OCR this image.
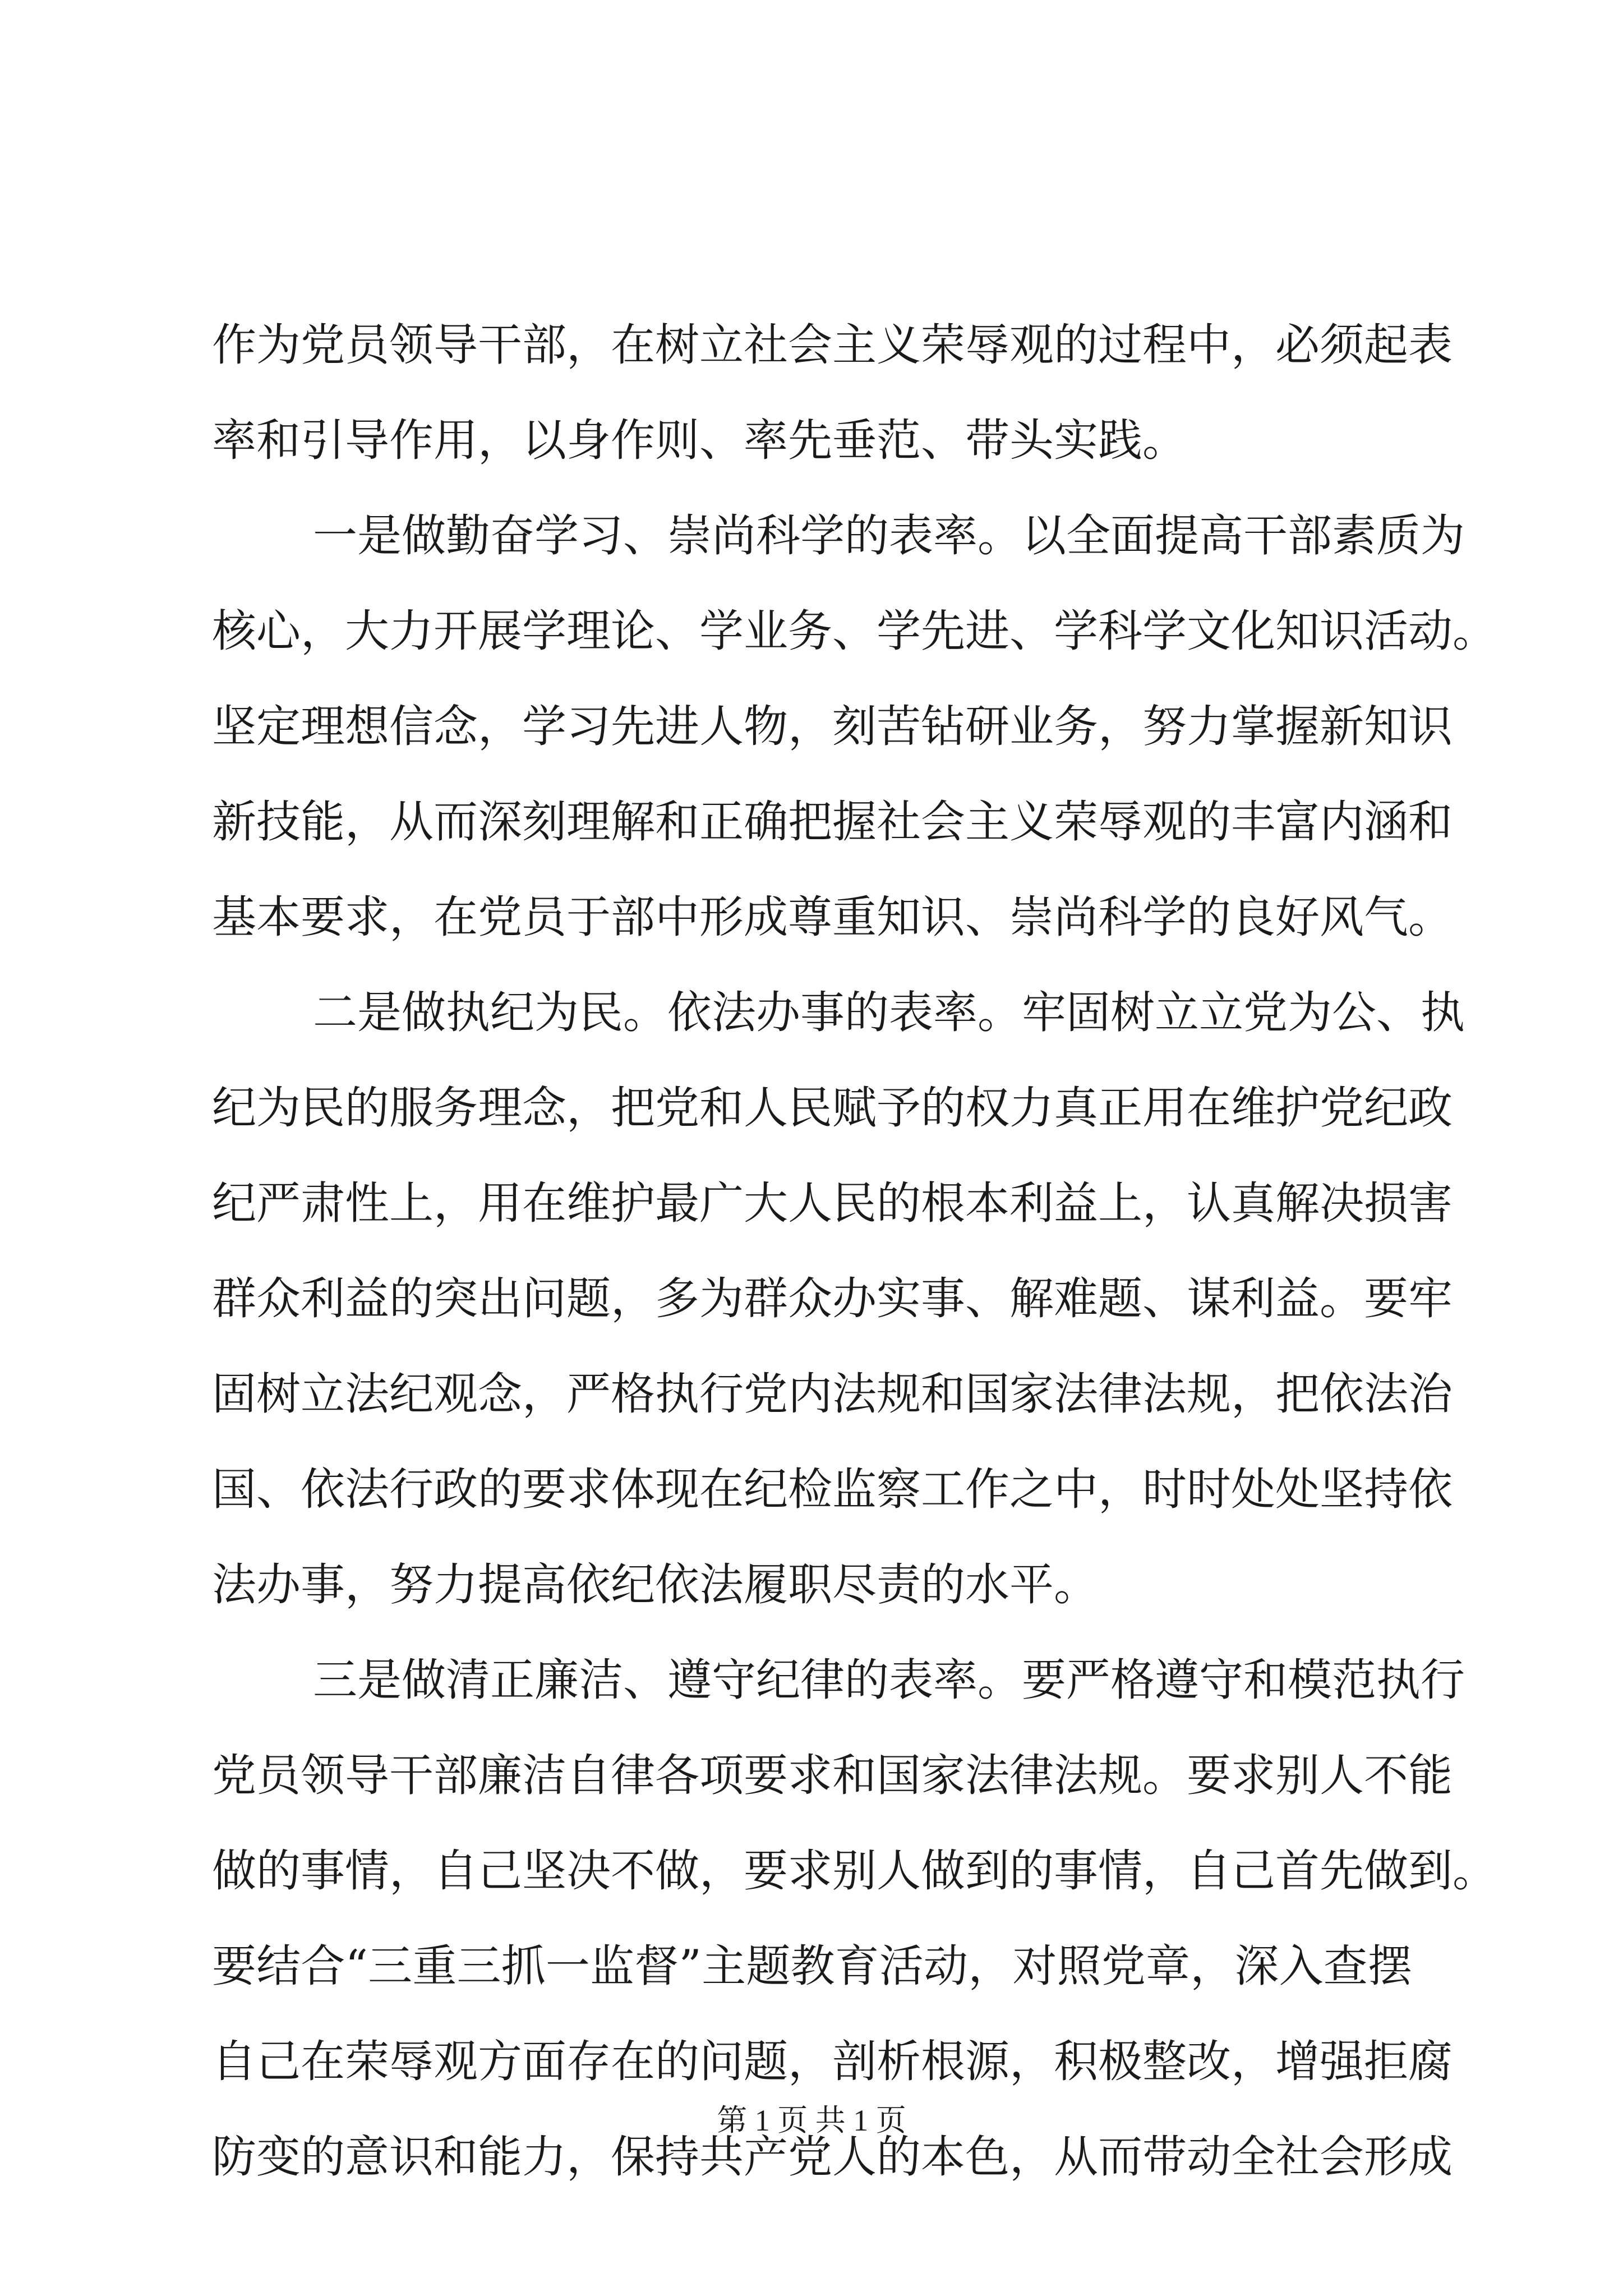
作为党员领导干部，在树立社会主义荣辱观的过程中，必须起表
率和引导作用，以身作则、率先垂范、带头实践。
一是做勤奋学习、崇尚科学的表率。以全面提高干部素质为
核心，大力开展学理论、学业务、学先进、学科学文化知识活动。
坚定理想信念，学习先进人物，刻苦钻研业务，努力掌握新知识
新技能，从而深刻理解和正确把握社会主义荣辱观的丰富内涵和
基本要求，在党员于部中形成尊重知识、崇尚科学的良好风气。
二是做执纪为民。依法办事的表率。牢固树立立党为公、执
纪为民的服务理念，把党和人民赋予的权力真正用在维护党纪政
纪严肃性上，用在维护最广大人民的根本利益上，认真解决损害
群众利益的突出问题，多为群众办实事、解难题、谋利益。要牢
固树立法纪观念，严格执行党内法规和国家法律法规，把依法治
国、依法行政的要求体现在纪检监察工作之中，时时处处坚持依
法办事，努力提高依纪依法履职尽责的水平。
三是做清正廉洁、遵守纪律的表率。要严格遵守和模范执行
党员领导干部廉洁自律各项要求和国家法律法规。要求别人不能
做的事情，自己坚决不做，要求别人做到的事情，自己首先做到。
要结合“三重三抓一监督”主题教育活动，对照党章，深入查摆
自己在荣辱观方面存在的问题，剖析根源，积极整改，增强拒腐
防变的意识和能力，保持共产党人的本色，从而带动全社会形成
第 1 页 共 1 页
